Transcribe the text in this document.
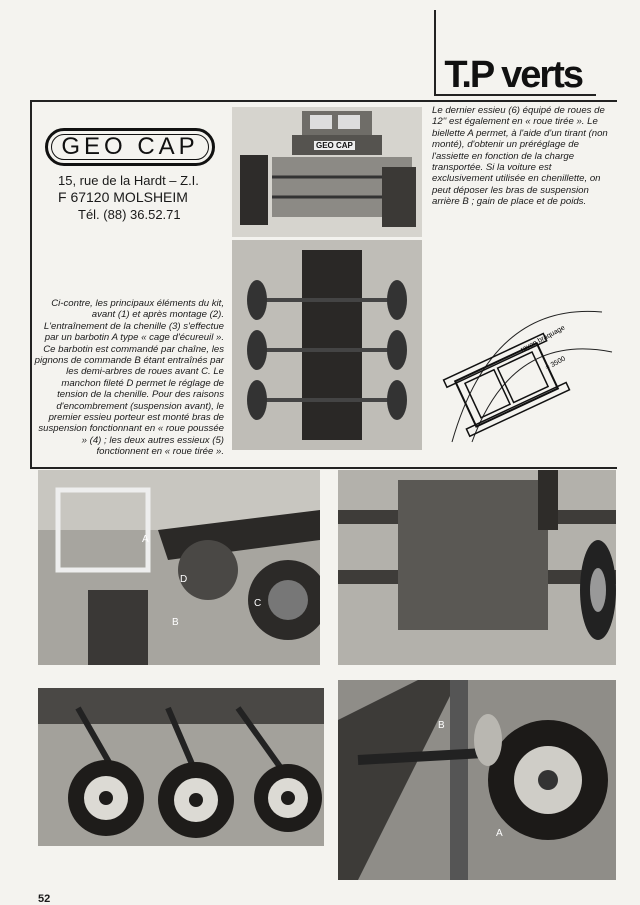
T.P verts
GEO CAP
15, rue de la Hardt – Z.I.
F 67120 MOLSHEIM
Tél. (88) 36.52.71
Ci-contre, les principaux éléments du kit, avant (1) et après montage (2). L'entraînement de la chenille (3) s'effectue par un barbotin A type « cage d'écureuil ». Ce barbotin est commandé par chaîne, les pignons de commande B étant entraînés par les demi-arbres de roues avant C. Le manchon fileté D permet le réglage de tension de la chenille. Pour des raisons d'encombrement (suspension avant), le premier essieu porteur est monté bras de suspension fonctionnant en « roue poussée » (4) ; les deux autres essieux (5) fonctionnent en « roue tirée ».
Le dernier essieu (6) équipé de roues de 12'' est également en « roue tirée ». Le biellette A permet, à l'aide d'un tirant (non monté), d'obtenir un préréglage de l'assiette en fonction de la charge transportée. Si la voiture est exclusivement utilisée en chenillette, on peut déposer les bras de suspension arrière B ; gain de place et de poids.
GEO CAP
rayon braquage
≈ 3500
A
B
C
D
A
B
52
